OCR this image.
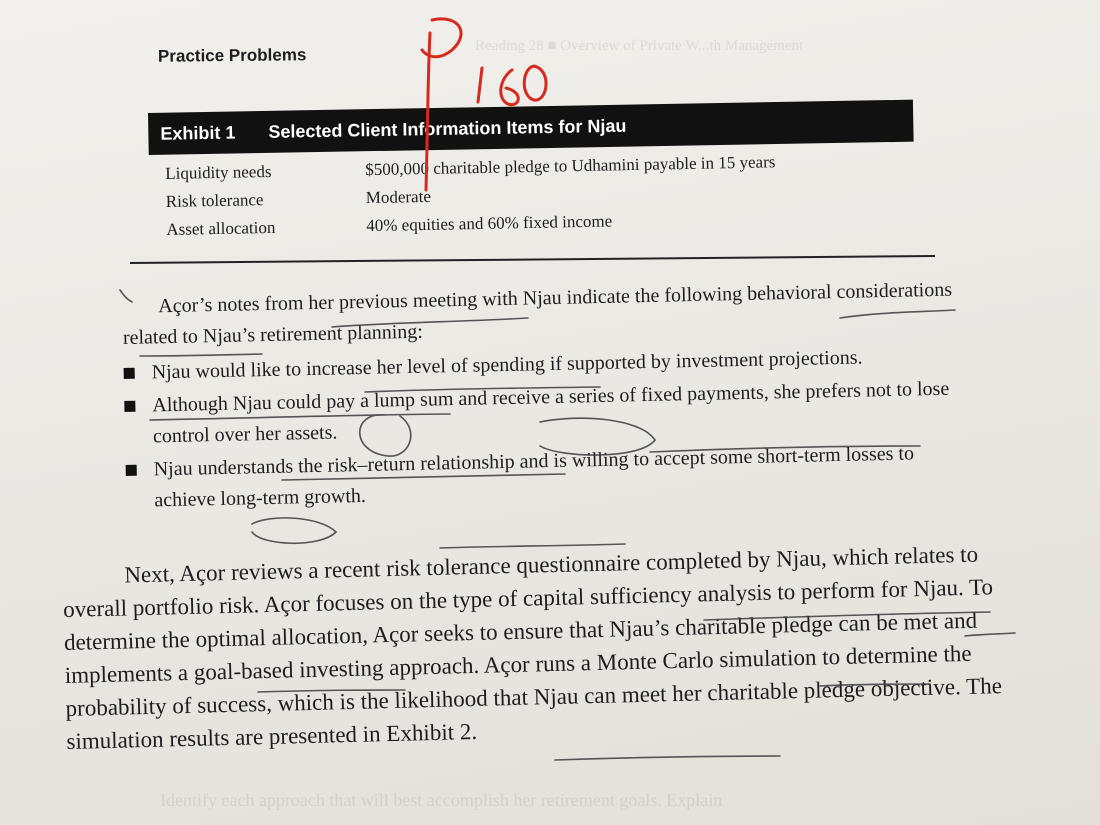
Reading 28 ■ Overview of Private W...th Management
Identify each approach that will best accomplish her retirement goals. Explain
Practice Problems
Exhibit 1	Selected Client Information Items for Njau
Liquidity needs	$500,000 charitable pledge to Udhamini payable in 15 years
Risk tolerance	Moderate
Asset allocation	40% equities and 60% fixed income

Açor’s notes from her previous meeting with Njau indicate the following behavioral considerations related to Njau’s retirement planning:

Njau would like to increase her level of spending if supported by investment projections.
Although Njau could pay a lump sum and receive a series of fixed payments, she prefers not to lose control over her assets.
Njau understands the risk–return relationship and is willing to accept some short-term losses to achieve long-term growth.

Next, Açor reviews a recent risk tolerance questionnaire completed by Njau, which relates to overall portfolio risk. Açor focuses on the type of capital sufficiency analysis to perform for Njau. To determine the optimal allocation, Açor seeks to ensure that Njau’s charitable pledge can be met and implements a goal-based investing approach. Açor runs a Monte Carlo simulation to determine the probability of success, which is the likelihood that Njau can meet her charitable pledge objective. The simulation results are presented in Exhibit 2.
